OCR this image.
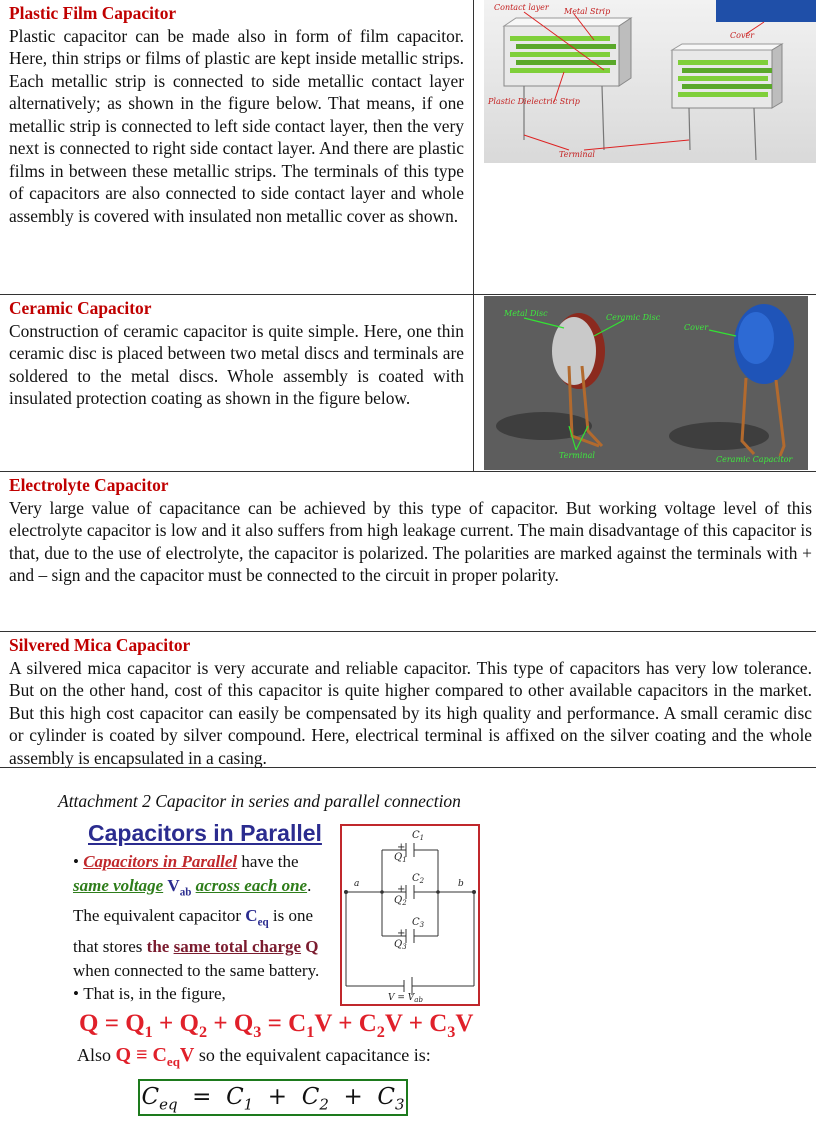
Plastic Film Capacitor
Plastic capacitor can be made also in form of film capacitor. Here, thin strips or films of plastic are kept inside metallic strips. Each metallic strip is connected to side metallic contact layer alternatively; as shown in the figure below. That means, if one metallic strip is connected to left side contact layer, then the very next is connected to right side contact layer. And there are plastic films in between these metallic strips. The terminals of this type of capacitors are also connected to side contact layer and whole assembly is covered with insulated non metallic cover as shown.
Contact layer Metal Strip
Cover
Plastic Dielectric Strip
Terminal
Ceramic Capacitor
Construction of ceramic capacitor is quite simple. Here, one thin ceramic disc is placed between two metal discs and terminals are soldered to the metal discs. Whole assembly is coated with insulated protection coating as shown in the figure below.
Metal Disc	Ceramic Disc
Cover
Terminal	Ceramic Capacitor
Electrolyte Capacitor
Very large value of capacitance can be achieved by this type of capacitor. But working voltage level of this electrolyte capacitor is low and it also suffers from high leakage current. The main disadvantage of this capacitor is that, due to the use of electrolyte, the capacitor is polarized. The polarities are marked against the terminals with + and – sign and the capacitor must be connected to the circuit in proper polarity.
Silvered Mica Capacitor
A silvered mica capacitor is very accurate and reliable capacitor. This type of capacitors has very low tolerance. But on the other hand, cost of this capacitor is quite higher compared to other available capacitors in the market. But this high cost capacitor can easily be compensated by its high quality and performance. A small ceramic disc or cylinder is coated by silver compound. Here, electrical terminal is affixed on the silver coating and the whole assembly is encapsulated in a casing.
Attachment 2 Capacitor in series and parallel connection
Capacitors in Parallel

• Capacitors in Parallel have the same voltage $V_{ab}$ across each one. The equivalent capacitor $C_{eq}$ is one that stores the same total charge Q when connected to the same battery.

• That is, in the figure,

$C_1$
$C_2$
$C_3$
$Q_1$
$Q_2$
$Q_3$
+
+
+
a	b
$V = V_{ab}$
$Q = Q_1 + Q_2 + Q_3 = C_1V + C_2V + C_3V$
Also $Q \equiv C_{eq}V$ so the equivalent capacitance is:
$C_{eq} = C_1 + C_2 + C_3$
